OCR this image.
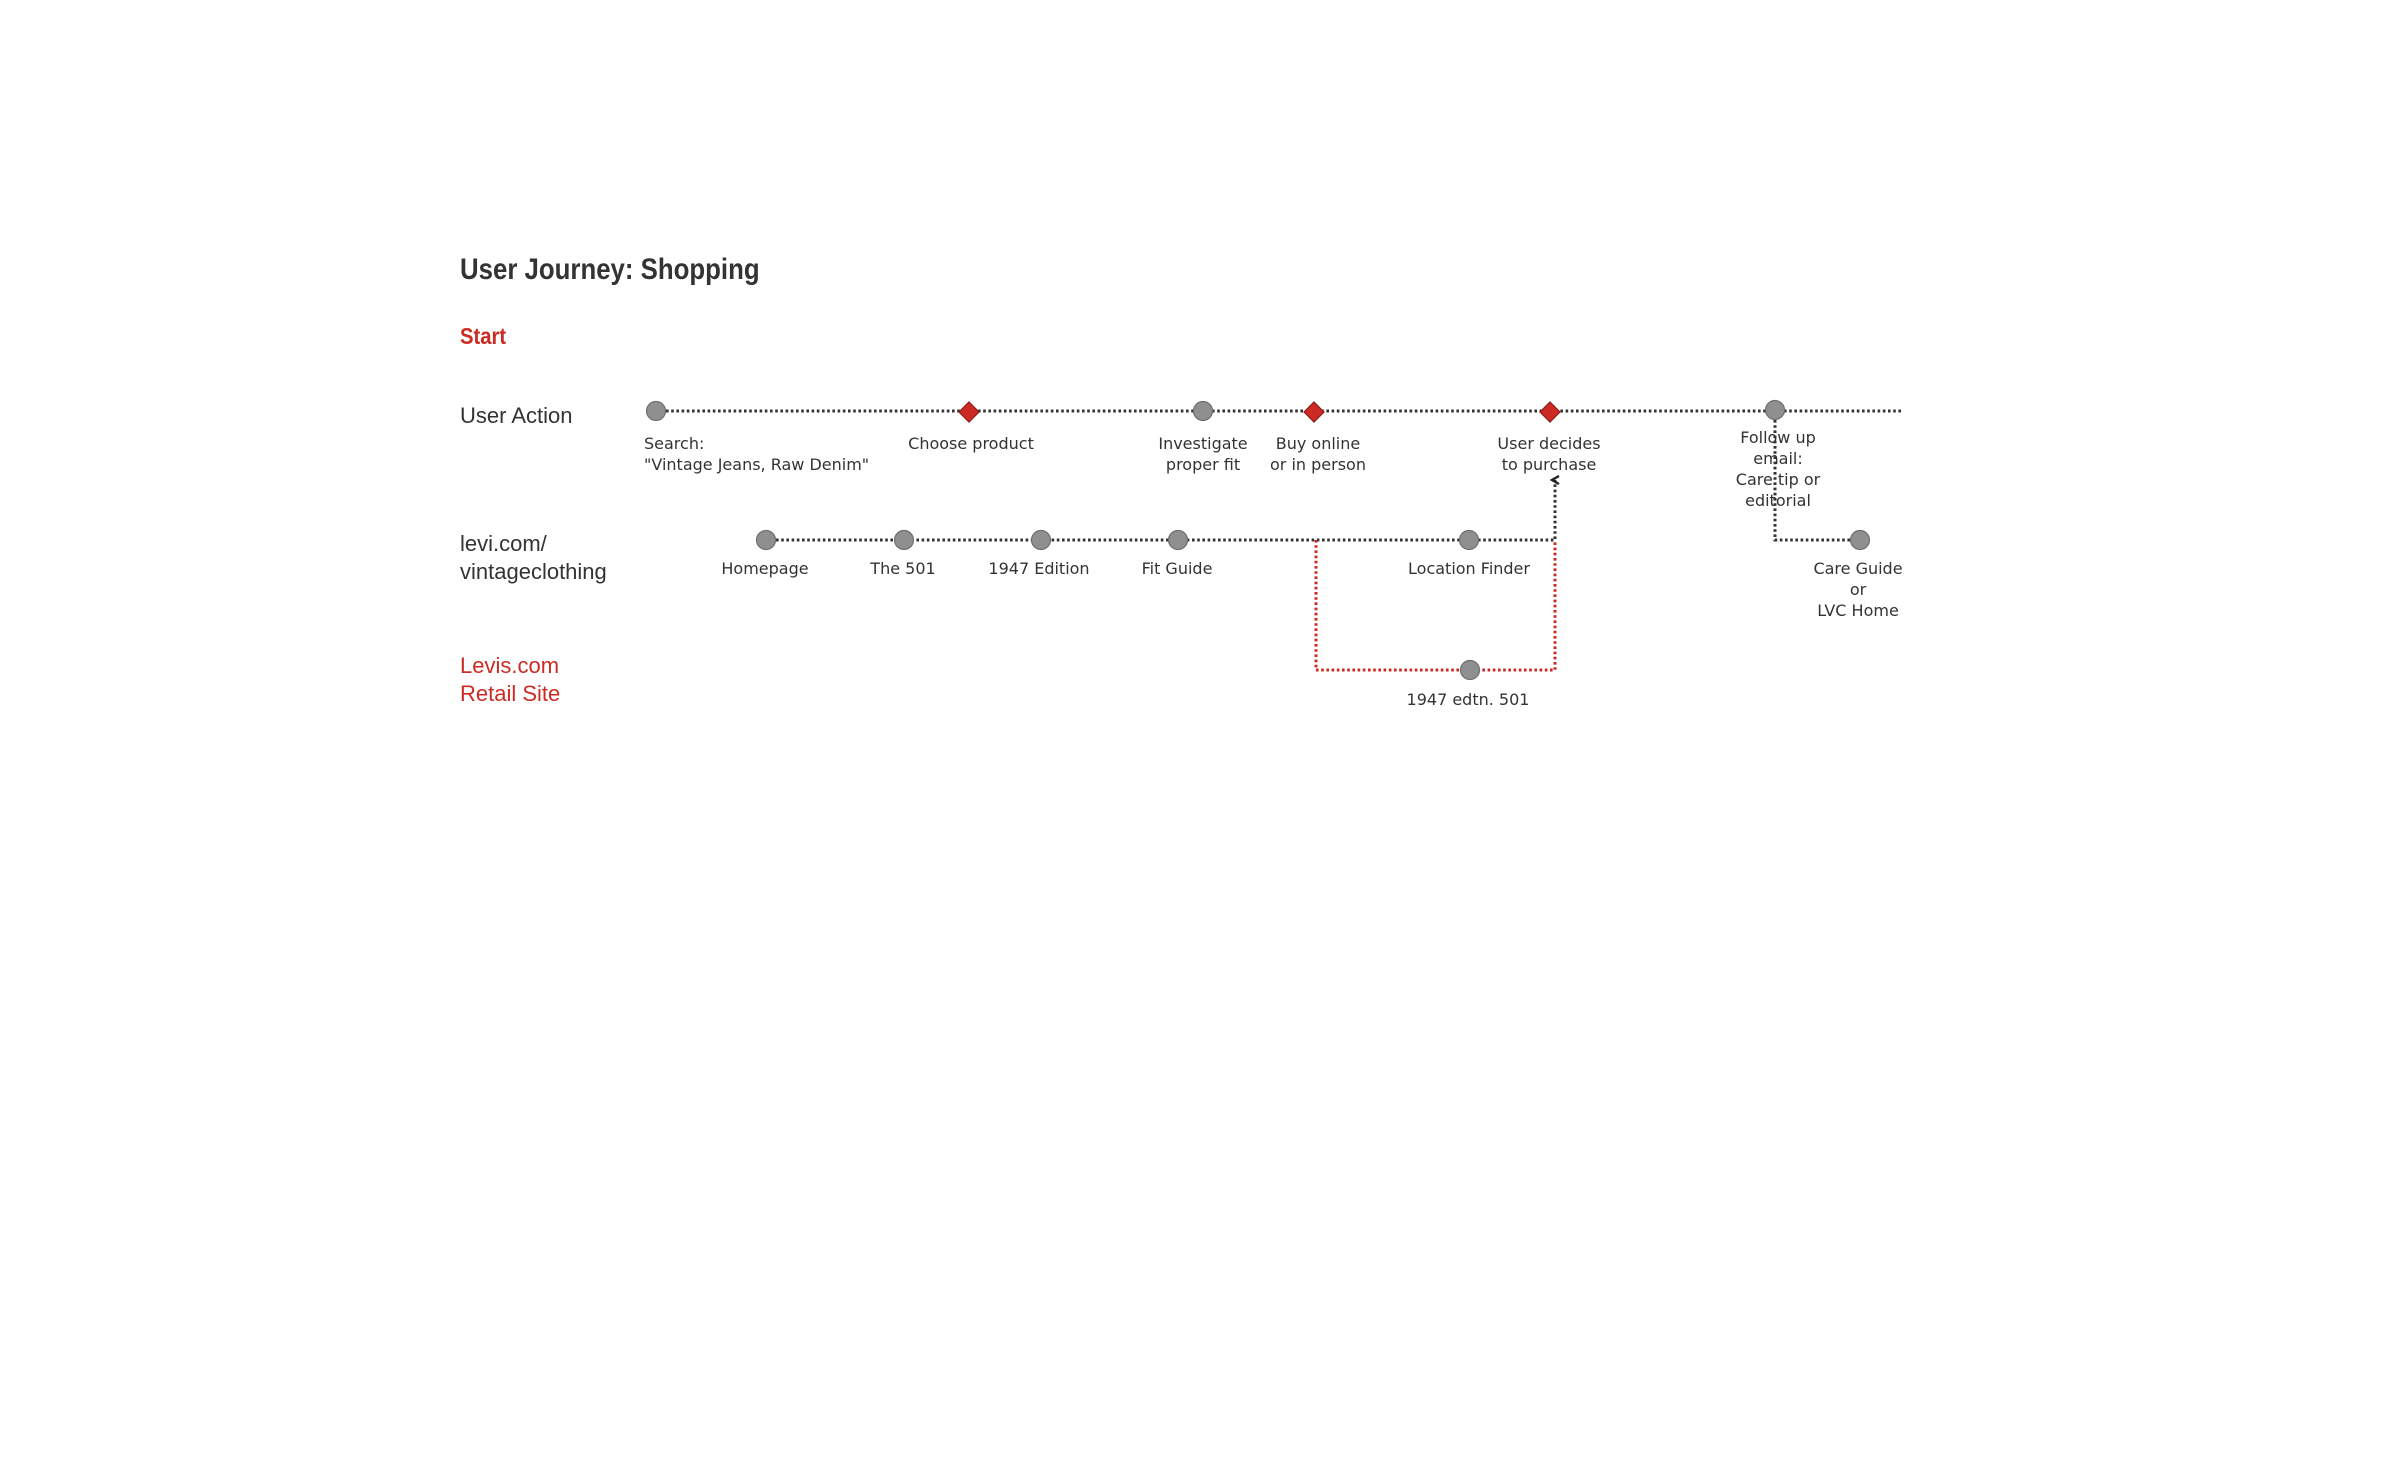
User Journey: Shopping
Start
User Action
levi.com/
vintageclothing
Levis.com
Retail Site
Search: "Vintage Jeans, Raw Denim"
Choose product	Investigate proper fit
Buy online or in person
User decides to purchase
Follow up email: Care tip or editorial
Homepage	The 501	1947 Edition	Fit Guide	Location Finder	Care Guide or LVC Home
1947 edtn. 501
